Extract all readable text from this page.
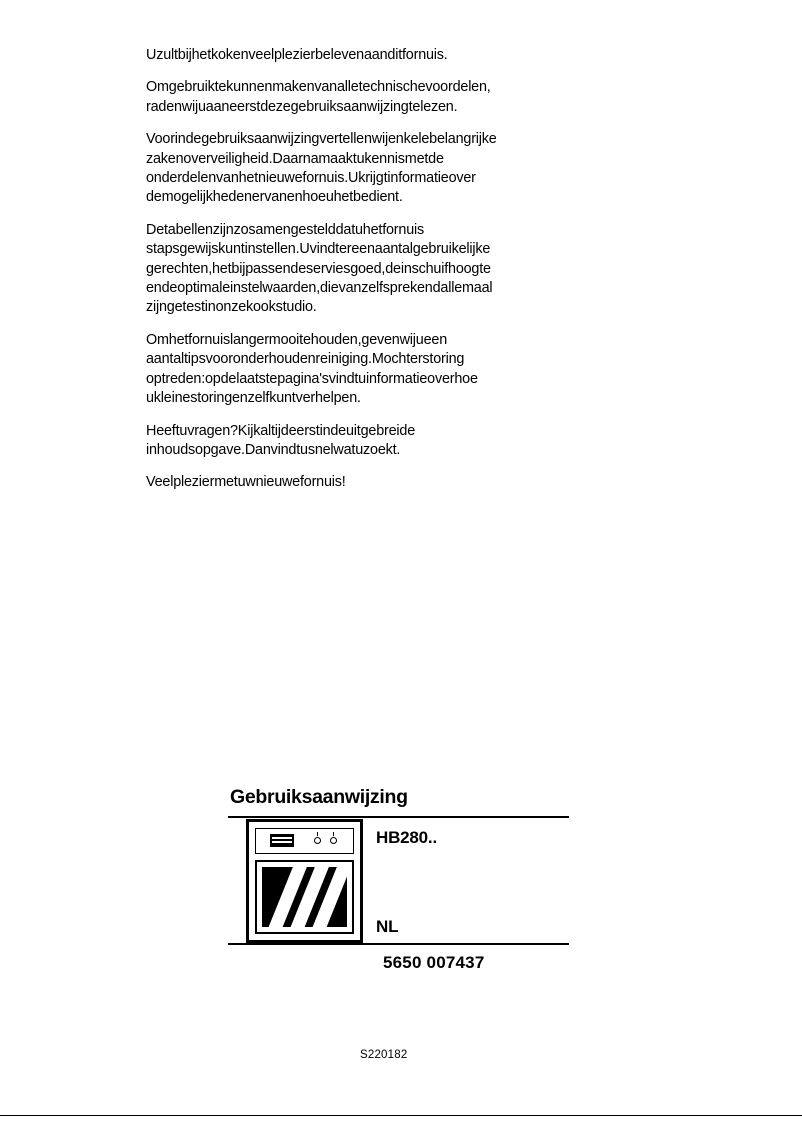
Uzultbijhetkokenveelplezierbelevenaanditfornuis.

Omgebruiktekunnenmakenvanalletechnischevoordelen, radenwijuaaneerstdezegebruiksaanwijzingtelezen.

Voorindegebruiksaanwijzingvertellenwijenkelebelangrijke zakenoverveiligheid.Daarnamaaktukennismetde onderdelenvanhetnieuwefornuis.Ukrijgtinformatieover demogelijkhedenervanenhoeuhetbedient.

Detabellenzijnzosamengestelddatuhetfornuis stapsgewijskuntinstellen.Uvindtereenaantalgebruikelijke gerechten,hetbijpassendeserviesgoed,deinschuifhoogte endeoptimaleinstelwaarden,dievanzelfsprekendallemaal zijngetestinonzekookstudio.

Omhetfornuislangermooitehouden,gevenwijueen aantaltipsvooronderhoudenreiniging.Mochterstoring optreden:opdelaatstepagina'svindtuinformatieoverhoe ukleinestoringenzelfkuntverhelpen.

Heeftuvragen?Kijkaltijdeerstindeuitgebreide inhoudsopgave.Danvindtusnelwatuzoekt.

Veelpleziermetuwnieuwefornuis!

Gebruiksaanwijzing
HB280..
NL
5650 007437
S220182
